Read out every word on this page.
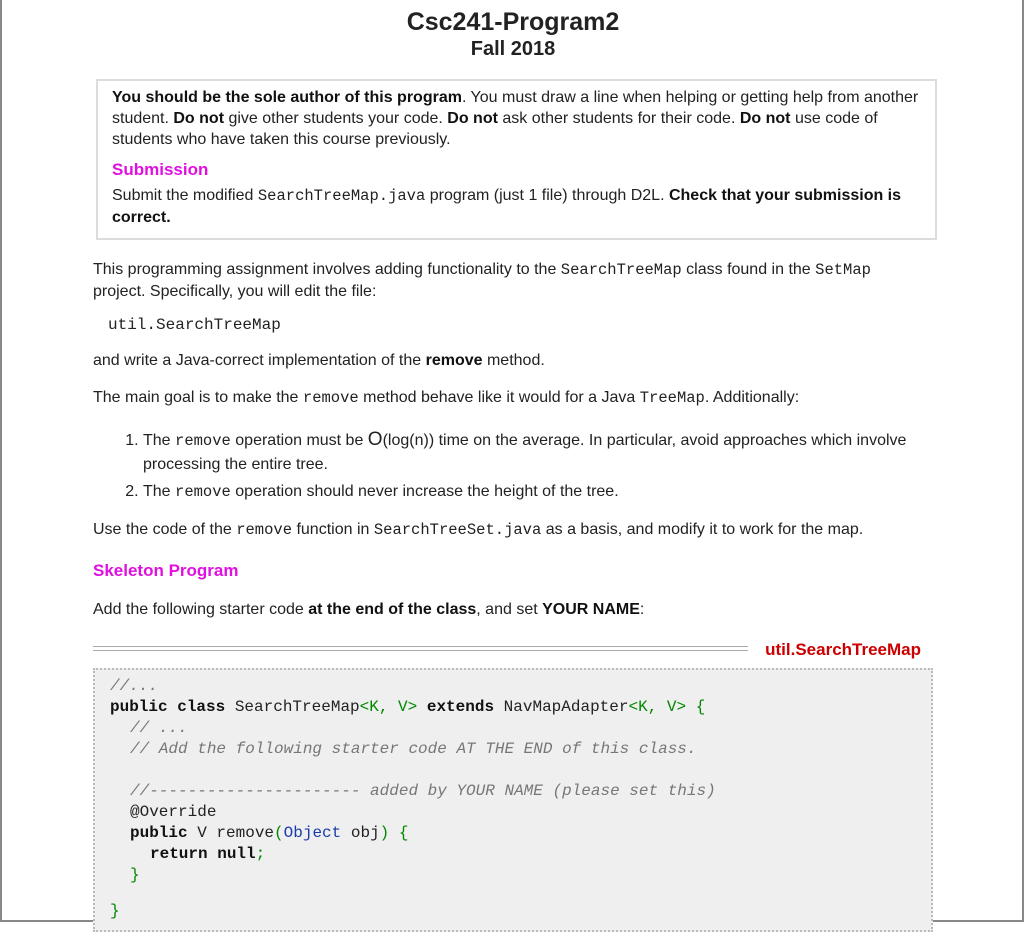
Csc241-Program2
Fall 2018

You should be the sole author of this program. You must draw a line when helping or getting help from another student. Do not give other students your code. Do not ask other students for their code. Do not use code of students who have taken this course previously.

Submission

Submit the modified SearchTreeMap.java program (just 1 file) through D2L. Check that your submission is correct.

This programming assignment involves adding functionality to the SearchTreeMap class found in the SetMap project. Specifically, you will edit the file:
util.SearchTreeMap
and write a Java-correct implementation of the remove method.
The main goal is to make the remove method behave like it would for a Java TreeMap. Additionally:
1. The remove operation must be O(log(n)) time on the average. In particular, avoid approaches which involve processing the entire tree.
2. The remove operation should never increase the height of the tree.
Use the code of the remove function in SearchTreeSet.java as a basis, and modify it to work for the map.
Skeleton Program
Add the following starter code at the end of the class, and set YOUR NAME:
util.SearchTreeMap
//...
public class SearchTreeMap<K, V> extends NavMapAdapter<K, V> {
// ...
// Add the following starter code AT THE END of this class.
//---------------------- added by YOUR NAME (please set this)
@Override
public V remove(Object obj) {
return null;
}
}
